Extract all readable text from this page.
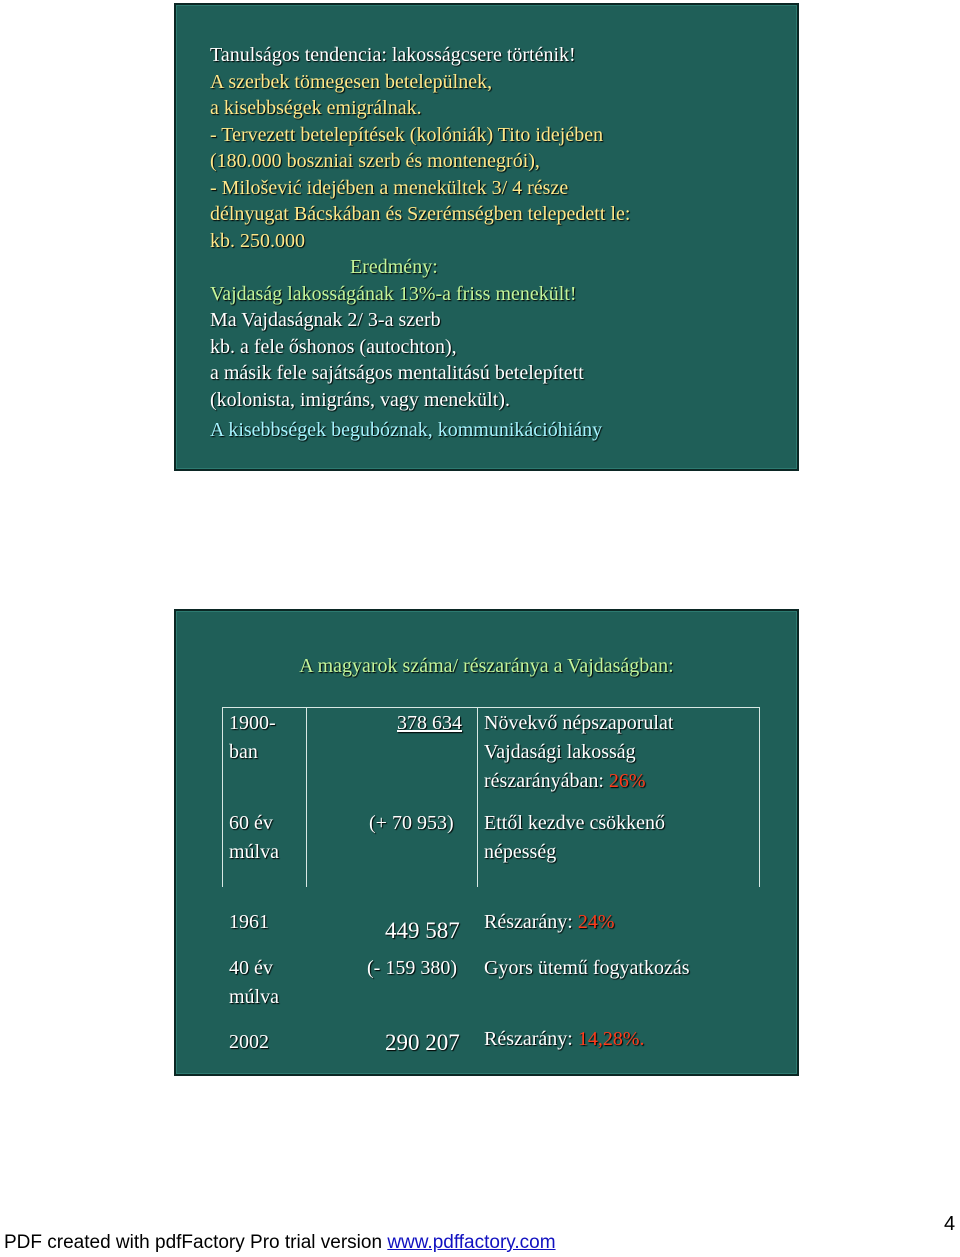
Tanulságos tendencia: lakosságcsere történik!
A szerbek tömegesen betelepülnek,
a kisebbségek emigrálnak.
- Tervezett betelepítések (kolóniák) Tito idejében
(180.000 boszniai szerb és montenegrói),
- Milošević idejében a menekültek 3/ 4 része
délnyugat Bácskában és Szerémségben telepedett le:
kb. 250.000
Eredmény:
Vajdaság lakosságának 13%-a friss menekült!
Ma Vajdaságnak 2/ 3-a szerb
kb. a fele őshonos (autochton),
a másik fele sajátságos mentalitású betelepített
(kolonista, imigráns, vagy menekült).
A kisebbségek begubóznak, kommunikációhiány
A magyarok száma/ részaránya a Vajdaságban:
1900-
ban
378 634 Növekvő népszaporulat
Vajdasági lakosság
részarányában: 26%
60 év
múlva
(+ 70 953) Ettől kezdve csökkenő
népesség
1961	449 587 Részarány: 24%
40 év
múlva
(- 159 380) Gyors ütemű fogyatkozás
2002	290 207 Részarány: 14,28%.
4
PDF created with pdfFactory Pro trial version www.pdffactory.com
